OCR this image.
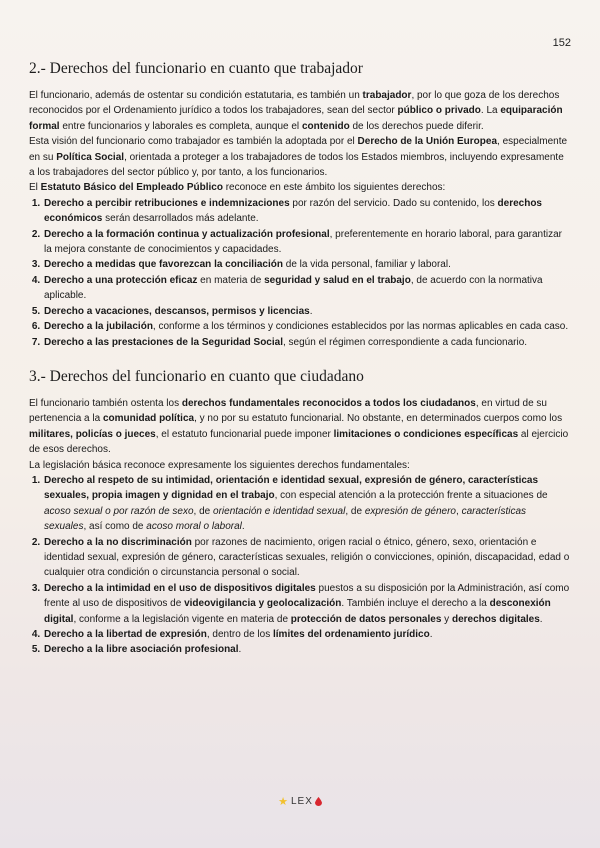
152
2.- Derechos del funcionario en cuanto que trabajador

El funcionario, además de ostentar su condición estatutaria, es también un trabajador, por lo que goza de los derechos reconocidos por el Ordenamiento jurídico a todos los trabajadores, sean del sector público o privado. La equiparación formal entre funcionarios y laborales es completa, aunque el contenido de los derechos puede diferir.

Esta visión del funcionario como trabajador es también la adoptada por el Derecho de la Unión Europea, especialmente en su Política Social, orientada a proteger a los trabajadores de todos los Estados miembros, incluyendo expresamente a los trabajadores del sector público y, por tanto, a los funcionarios.

El Estatuto Básico del Empleado Público reconoce en este ámbito los siguientes derechos:

1. Derecho a percibir retribuciones e indemnizaciones por razón del servicio. Dado su contenido, los derechos económicos serán desarrollados más adelante.
2. Derecho a la formación continua y actualización profesional, preferentemente en horario laboral, para garantizar la mejora constante de conocimientos y capacidades.
3. Derecho a medidas que favorezcan la conciliación de la vida personal, familiar y laboral.
4. Derecho a una protección eficaz en materia de seguridad y salud en el trabajo, de acuerdo con la normativa aplicable.
5. Derecho a vacaciones, descansos, permisos y licencias.
6. Derecho a la jubilación, conforme a los términos y condiciones establecidos por las normas aplicables en cada caso.
7. Derecho a las prestaciones de la Seguridad Social, según el régimen correspondiente a cada funcionario.
3.- Derechos del funcionario en cuanto que ciudadano

El funcionario también ostenta los derechos fundamentales reconocidos a todos los ciudadanos, en virtud de su pertenencia a la comunidad política, y no por su estatuto funcionarial. No obstante, en determinados cuerpos como los militares, policías o jueces, el estatuto funcionarial puede imponer limitaciones o condiciones específicas al ejercicio de esos derechos.

La legislación básica reconoce expresamente los siguientes derechos fundamentales:

1. Derecho al respeto de su intimidad, orientación e identidad sexual, expresión de género, características sexuales, propia imagen y dignidad en el trabajo, con especial atención a la protección frente a situaciones de acoso sexual o por razón de sexo, de orientación e identidad sexual, de expresión de género, características sexuales, así como de acoso moral o laboral.
2. Derecho a la no discriminación por razones de nacimiento, origen racial o étnico, género, sexo, orientación e identidad sexual, expresión de género, características sexuales, religión o convicciones, opinión, discapacidad, edad o cualquier otra condición o circunstancia personal o social.
3. Derecho a la intimidad en el uso de dispositivos digitales puestos a su disposición por la Administración, así como frente al uso de dispositivos de videovigilancia y geolocalización. También incluye el derecho a la desconexión digital, conforme a la legislación vigente en materia de protección de datos personales y derechos digitales.
4. Derecho a la libertad de expresión, dentro de los límites del ordenamiento jurídico.
5. Derecho a la libre asociación profesional.
★ LEX
